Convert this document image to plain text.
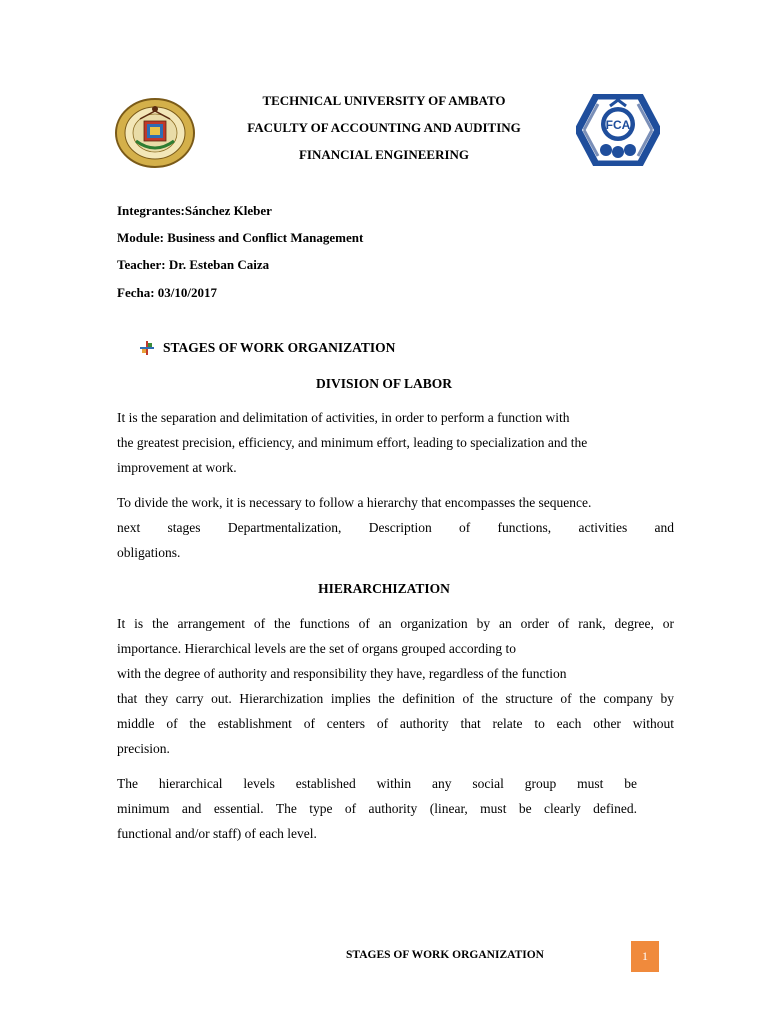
FCA
TECHNICAL UNIVERSITY OF AMBATO
FACULTY OF ACCOUNTING AND AUDITING
FINANCIAL ENGINEERING
Integrantes:Sánchez Kleber
Module: Business and Conflict Management
Teacher: Dr. Esteban Caiza
Fecha: 03/10/2017
STAGES OF WORK ORGANIZATION
DIVISION OF LABOR
It is the separation and delimitation of activities, in order to perform a function with
the greatest precision, efficiency, and minimum effort, leading to specialization and the
improvement at work.
To divide the work, it is necessary to follow a hierarchy that encompasses the sequence.
next stages Departmentalization, Description of functions, activities and
obligations.
HIERARCHIZATION
It is the arrangement of the functions of an organization by an order of rank, degree, or
importance. Hierarchical levels are the set of organs grouped according to
with the degree of authority and responsibility they have, regardless of the function
that they carry out. Hierarchization implies the definition of the structure of the company by
middle of the establishment of centers of authority that relate to each other without
precision.
The hierarchical levels established within any social group must be
minimum and essential. The type of authority (linear, must be clearly defined.
functional and/or staff) of each level.
STAGES OF WORK ORGANIZATION	1
